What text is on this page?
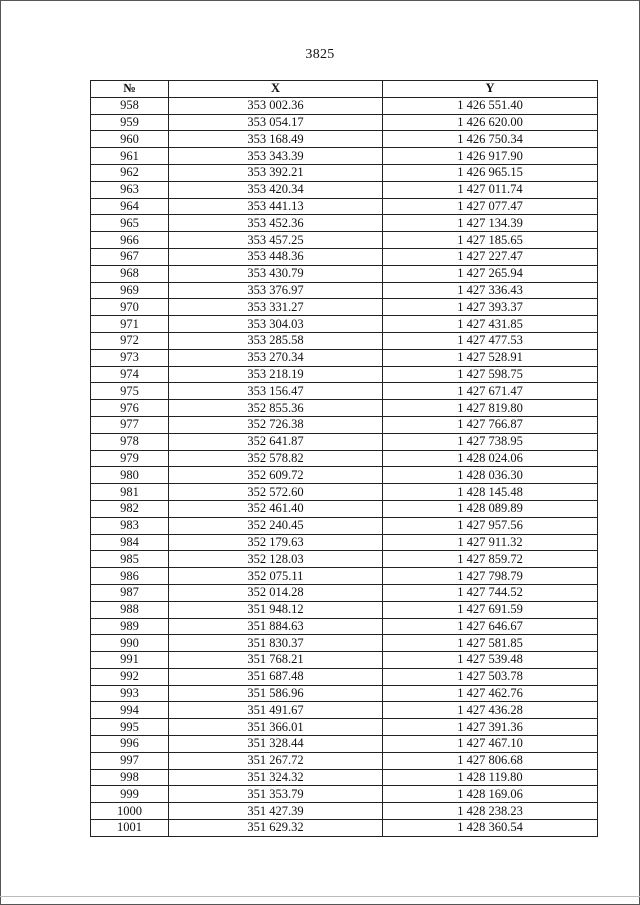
3825
№	X	Y
958	353 002.36	1 426 551.40
959	353 054.17	1 426 620.00
960	353 168.49	1 426 750.34
961	353 343.39	1 426 917.90
962	353 392.21	1 426 965.15
963	353 420.34	1 427 011.74
964	353 441.13	1 427 077.47
965	353 452.36	1 427 134.39
966	353 457.25	1 427 185.65
967	353 448.36	1 427 227.47
968	353 430.79	1 427 265.94
969	353 376.97	1 427 336.43
970	353 331.27	1 427 393.37
971	353 304.03	1 427 431.85
972	353 285.58	1 427 477.53
973	353 270.34	1 427 528.91
974	353 218.19	1 427 598.75
975	353 156.47	1 427 671.47
976	352 855.36	1 427 819.80
977	352 726.38	1 427 766.87
978	352 641.87	1 427 738.95
979	352 578.82	1 428 024.06
980	352 609.72	1 428 036.30
981	352 572.60	1 428 145.48
982	352 461.40	1 428 089.89
983	352 240.45	1 427 957.56
984	352 179.63	1 427 911.32
985	352 128.03	1 427 859.72
986	352 075.11	1 427 798.79
987	352 014.28	1 427 744.52
988	351 948.12	1 427 691.59
989	351 884.63	1 427 646.67
990	351 830.37	1 427 581.85
991	351 768.21	1 427 539.48
992	351 687.48	1 427 503.78
993	351 586.96	1 427 462.76
994	351 491.67	1 427 436.28
995	351 366.01	1 427 391.36
996	351 328.44	1 427 467.10
997	351 267.72	1 427 806.68
998	351 324.32	1 428 119.80
999	351 353.79	1 428 169.06
1000	351 427.39	1 428 238.23
1001	351 629.32	1 428 360.54
